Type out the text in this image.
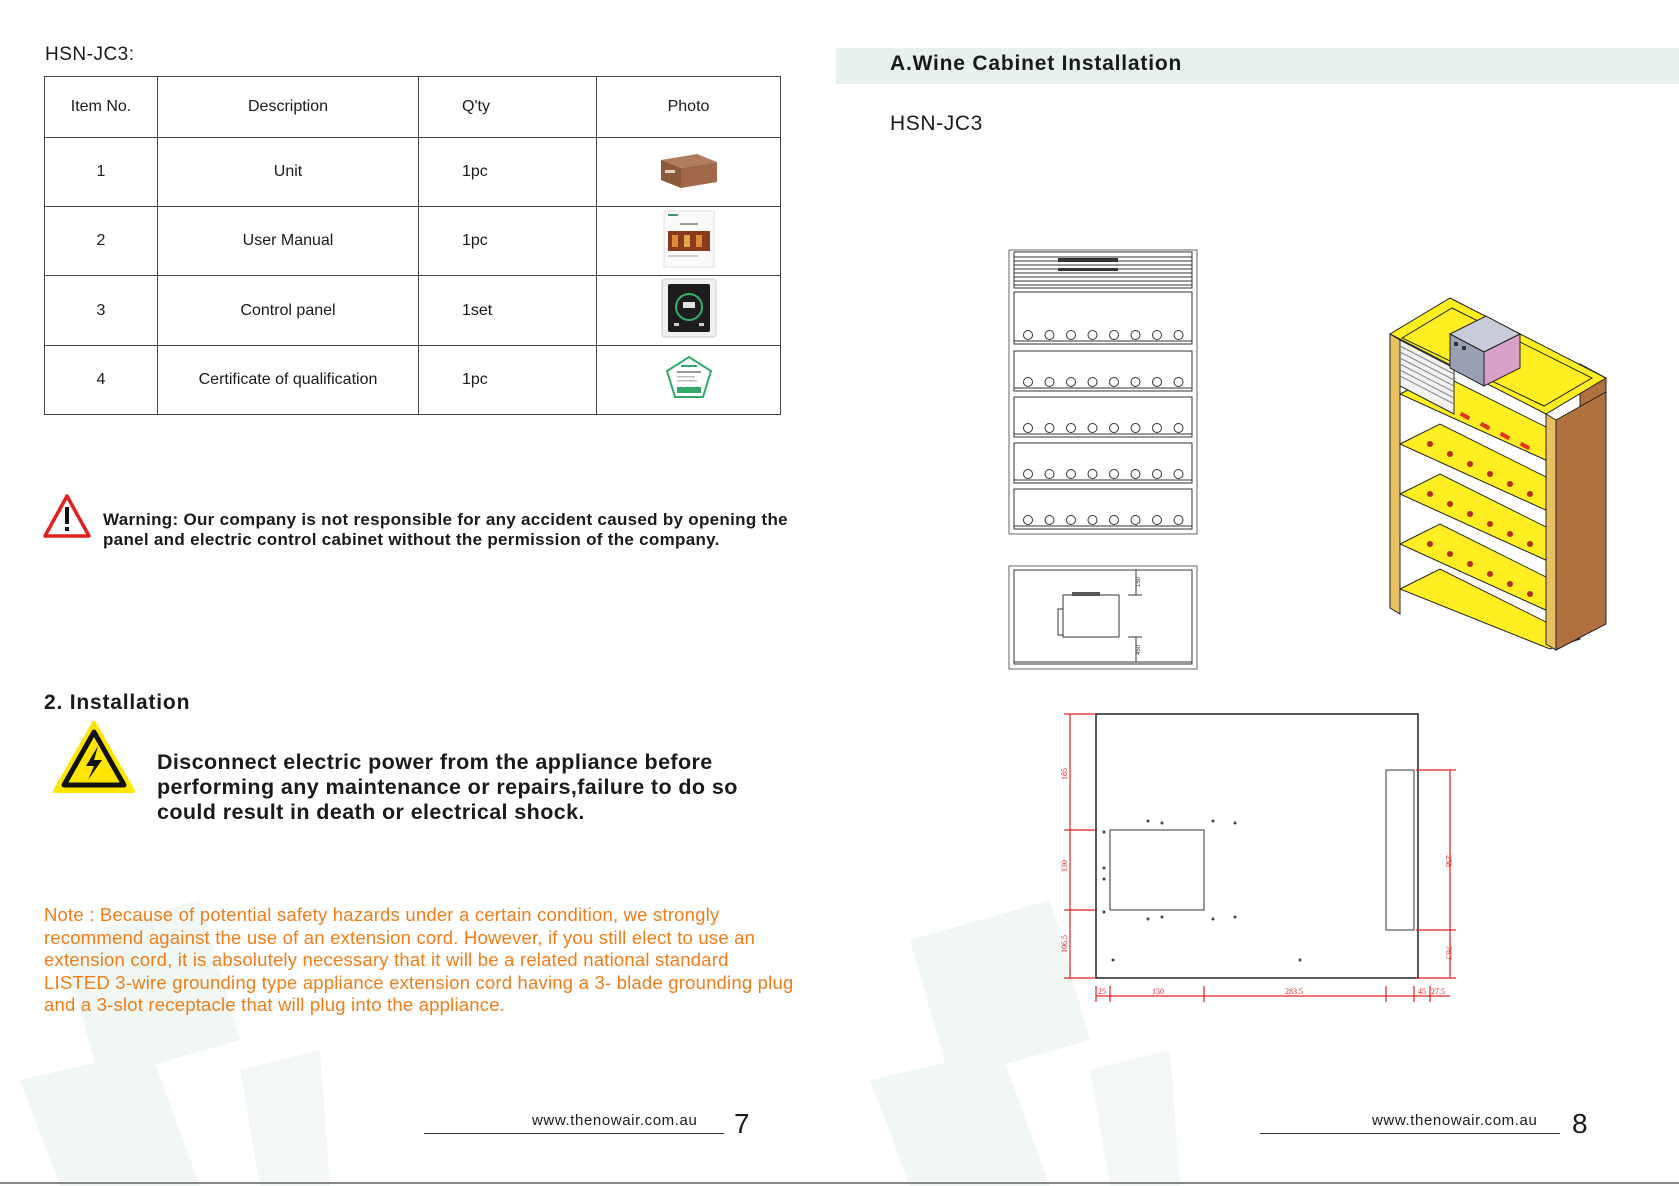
HSN-JC3:
Item No.	Description	Q'ty	Photo
1	Unit	1pc	
2	User Manual	1pc	
3	Control panel	1set	
4	Certificate of qualification	1pc	
Warning: Our company is not responsible for any accident caused by opening the panel and electric control cabinet without the permission of the company.
2. Installation
Disconnect electric power from the appliance before performing any maintenance or repairs,failure to do so could result in death or electrical shock.
Note : Because of potential safety hazards under a certain condition, we strongly recommend against the use of an extension cord. However, if you still elect to use an extension cord, it is absolutely necessary that it will be a related national standard LISTED 3-wire grounding type appliance extension cord having a 3- blade grounding plug and a 3-slot receptacle that will plug into the appliance.
www.thenowair.com.au 7
A.Wine Cabinet Installation
HSN-JC3
150
450
185
130
106.5
258
76.7
25	150	283.5	45 27.5
www.thenowair.com.au 8
